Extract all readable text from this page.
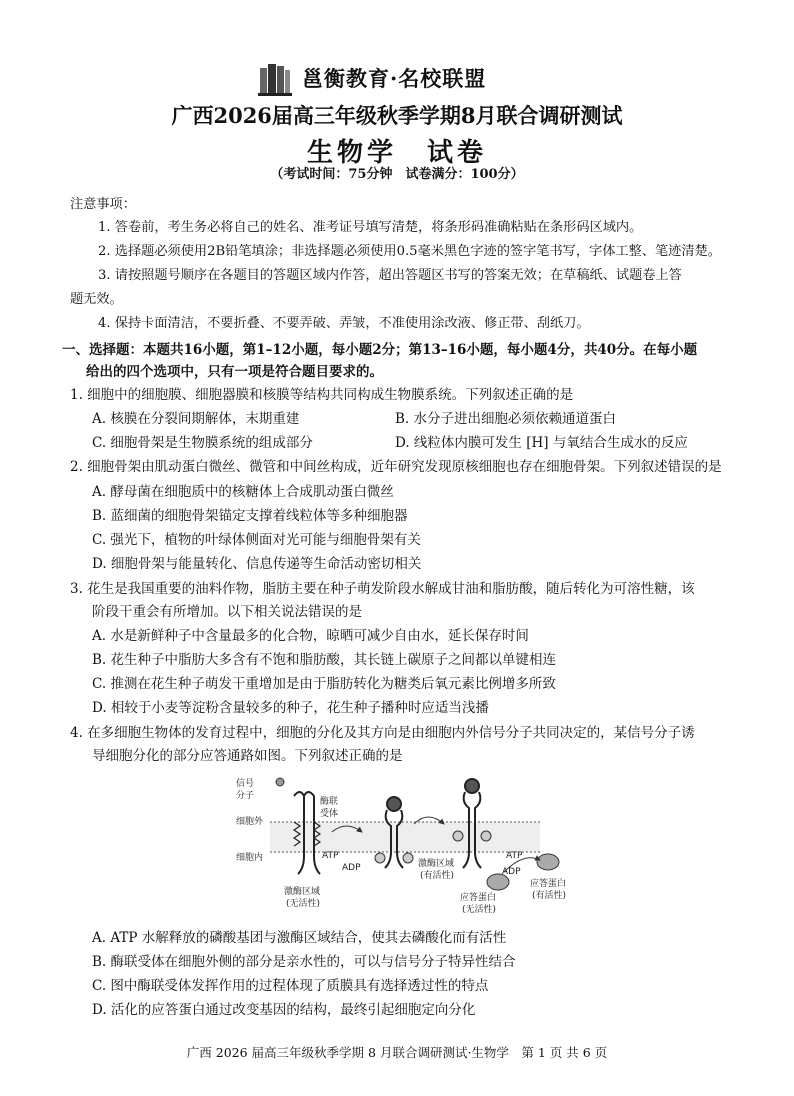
邕衡教育·名校联盟
广西2026届高三年级秋季学期8月联合调研测试
生物学　试卷
（考试时间：75分钟　试卷满分：100分）
注意事项：
1. 答卷前，考生务必将自己的姓名、准考证号填写清楚，将条形码准确粘贴在条形码区域内。
2. 选择题必须使用2B铅笔填涂；非选择题必须使用0.5毫米黑色字迹的签字笔书写，字体工整、笔迹清楚。
3. 请按照题号顺序在各题目的答题区域内作答，超出答题区书写的答案无效；在草稿纸、试题卷上答
题无效。
4. 保持卡面清洁，不要折叠、不要弄破、弄皱，不准使用涂改液、修正带、刮纸刀。
一、选择题：本题共16小题，第1–12小题，每小题2分；第13–16小题，每小题4分，共40分。在每小题
给出的四个选项中，只有一项是符合题目要求的。
1. 细胞中的细胞膜、细胞器膜和核膜等结构共同构成生物膜系统。下列叙述正确的是
A. 核膜在分裂间期解体，末期重建	B. 水分子进出细胞必须依赖通道蛋白
C. 细胞骨架是生物膜系统的组成部分	D. 线粒体内膜可发生 [H] 与氧结合生成水的反应
2. 细胞骨架由肌动蛋白微丝、微管和中间丝构成，近年研究发现原核细胞也存在细胞骨架。下列叙述错误的是
A. 酵母菌在细胞质中的核糖体上合成肌动蛋白微丝
B. 蓝细菌的细胞骨架锚定支撑着线粒体等多种细胞器
C. 强光下，植物的叶绿体侧面对光可能与细胞骨架有关
D. 细胞骨架与能量转化、信息传递等生命活动密切相关
3. 花生是我国重要的油料作物，脂肪主要在种子萌发阶段水解成甘油和脂肪酸，随后转化为可溶性糖，该
阶段干重会有所增加。以下相关说法错误的是
A. 水是新鲜种子中含量最多的化合物，晾晒可减少自由水，延长保存时间
B. 花生种子中脂肪大多含有不饱和脂肪酸，其长链上碳原子之间都以单键相连
C. 推测在花生种子萌发干重增加是由于脂肪转化为糖类后氧元素比例增多所致
D. 相较于小麦等淀粉含量较多的种子，花生种子播种时应适当浅播
4. 在多细胞生物体的发育过程中，细胞的分化及其方向是由细胞内外信号分子共同决定的，某信号分子诱
导细胞分化的部分应答通路如图。下列叙述正确的是
信号
分子
酶联
受体
细胞外
细胞内
激酶区域
(无活性)
ATP
ADP	激酶区域
(有活性)
ATP
ADP
应答蛋白
(无活性)
应答蛋白
(有活性)
A. ATP 水解释放的磷酸基团与激酶区域结合，使其去磷酸化而有活性
B. 酶联受体在细胞外侧的部分是亲水性的，可以与信号分子特异性结合
C. 图中酶联受体发挥作用的过程体现了质膜具有选择透过性的特点
D. 活化的应答蛋白通过改变基因的结构，最终引起细胞定向分化
广西 2026 届高三年级秋季学期 8 月联合调研测试·生物学　第 1 页 共 6 页
